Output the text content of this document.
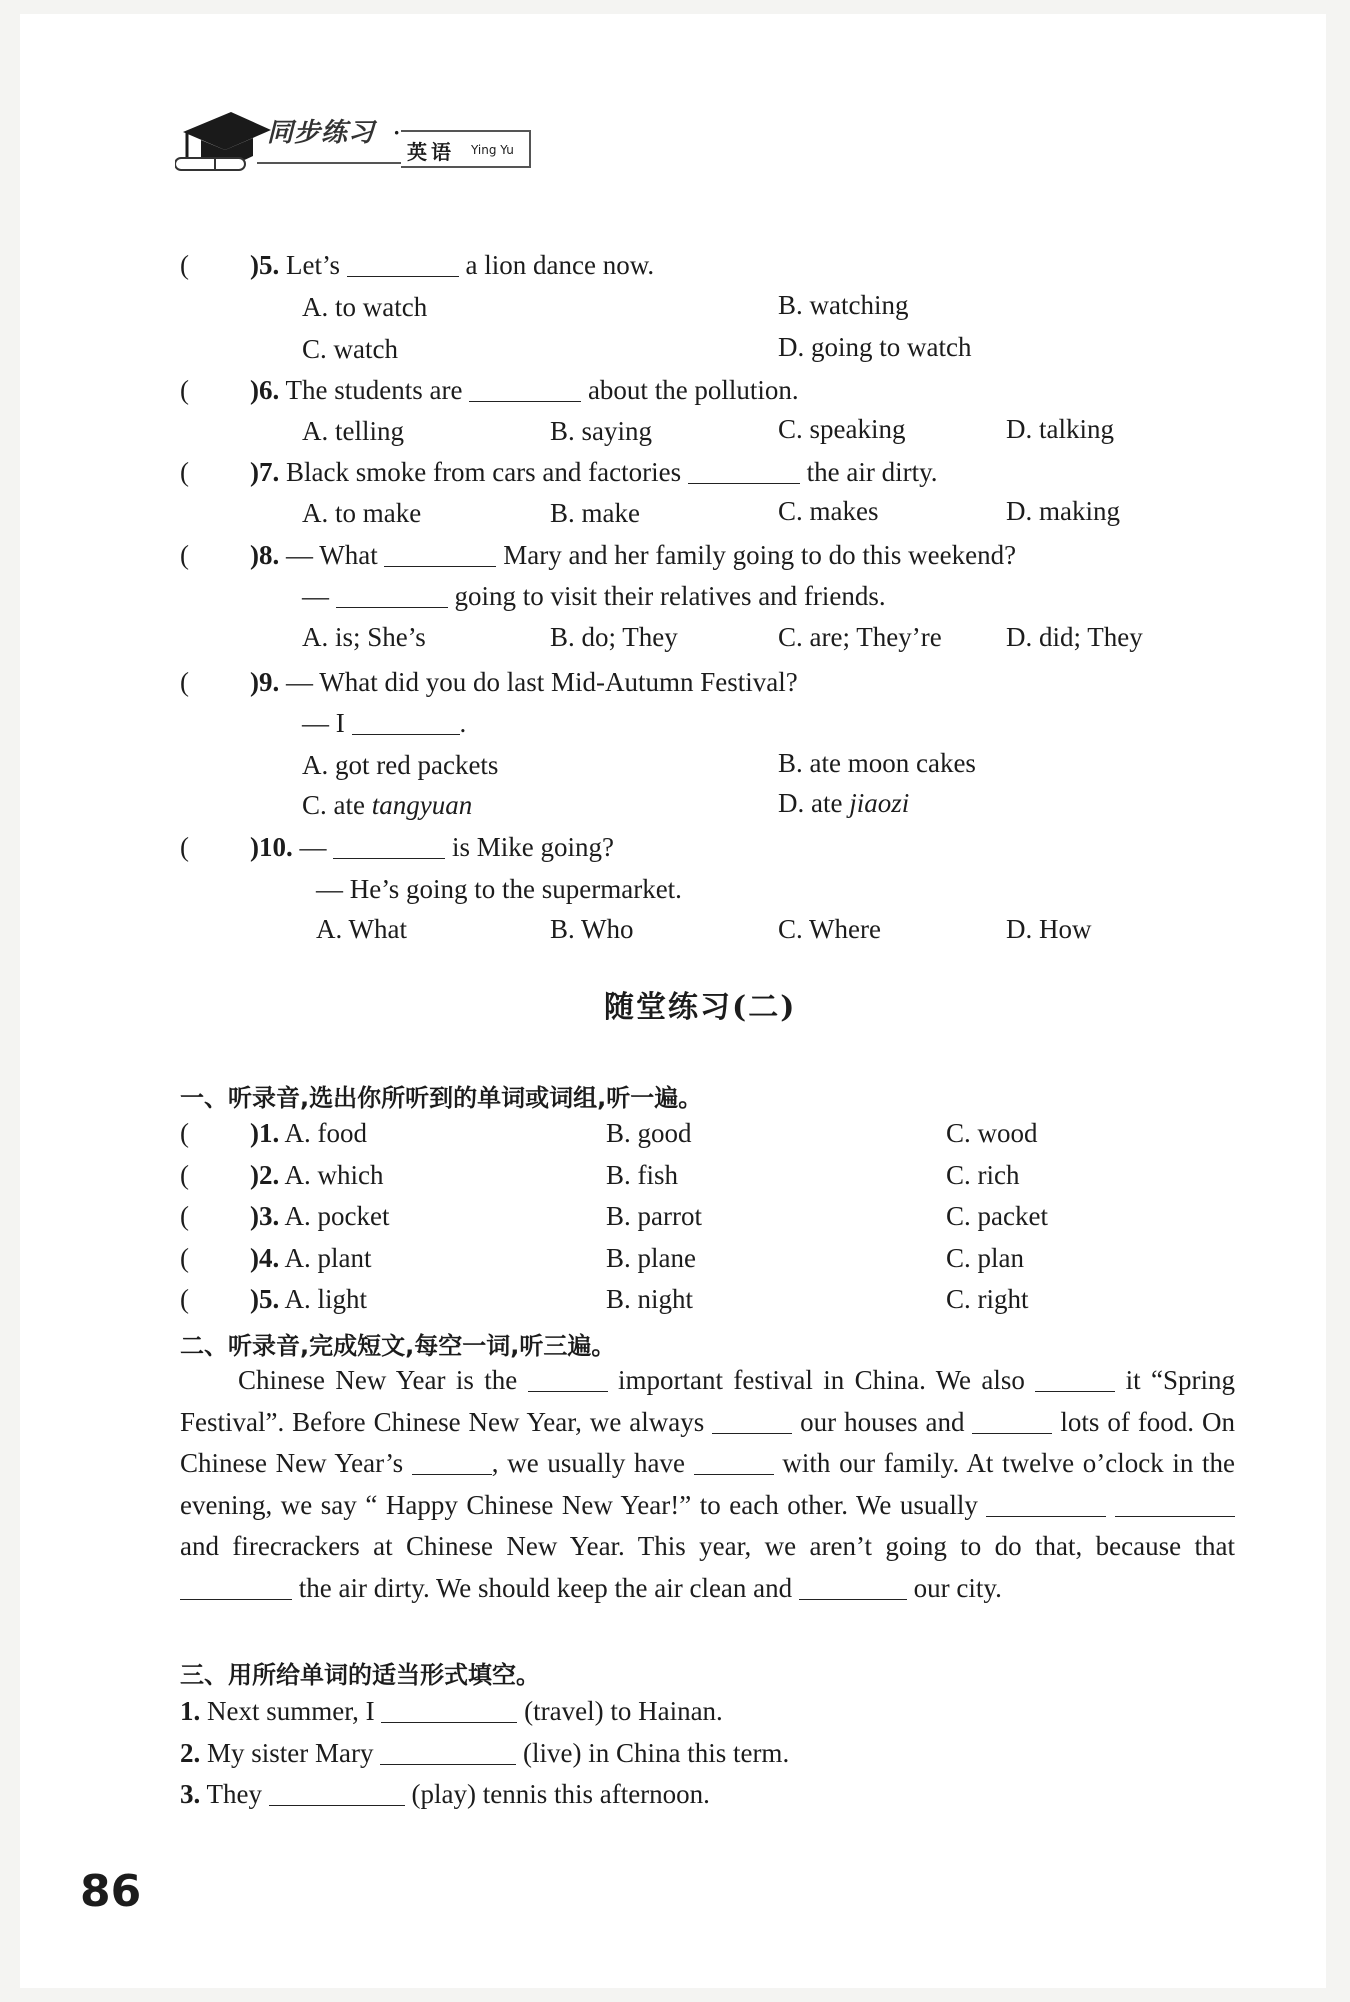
同步练习 ·
英语 Ying Yu
( )5. Let’s	a lion dance now.
A. to watch	B. watching
C. watch	D. going to watch
( )6. The students are	about the pollution.
A. telling	B. saying	C. speaking	D. talking
( )7. Black smoke from cars and factories	the air dirty.
A. to make	B. make	C. makes	D. making
( )8. — What	Mary and her family going to do this weekend?
—	going to visit their relatives and friends.
A. is; She’s	B. do; They	C. are; They’re D. did; They
( )9. — What did you do last Mid-Autumn Festival?
— I	.
A. got red packets	B. ate moon cakes
C. ate tangyuan	D. ate jiaozi
( )10. —	is Mike going?
— He’s going to the supermarket.
A. What	B. Who	C. Where	D. How
随堂练习(二)
一、听录音,选出你所听到的单词或词组,听一遍。
( )1. A. food	B. good	C. wood
( )2. A. which	B. fish	C. rich
( )3. A. pocket	B. parrot	C. packet
( )4. A. plant	B. plane	C. plan
( )5. A. light	B. night	C. right
二、听录音,完成短文,每空一词,听三遍。
Chinese New Year is the	important festival in China. We also	it “Spring Festival”. Before Chinese New Year, we always	our houses and	lots of food. On Chinese New Year’s	, we usually have	with our family. At twelve o’clock in the evening, we say “ Happy Chinese New Year!” to each other. We usually   and firecrackers at Chinese New Year. This year, we aren’t going to do that, because that  the air dirty. We should keep the air clean and	our city.
三、用所给单词的适当形式填空。
1. Next summer, I	(travel) to Hainan.
2. My sister Mary	(live) in China this term.
3. They	(play) tennis this afternoon.
86
